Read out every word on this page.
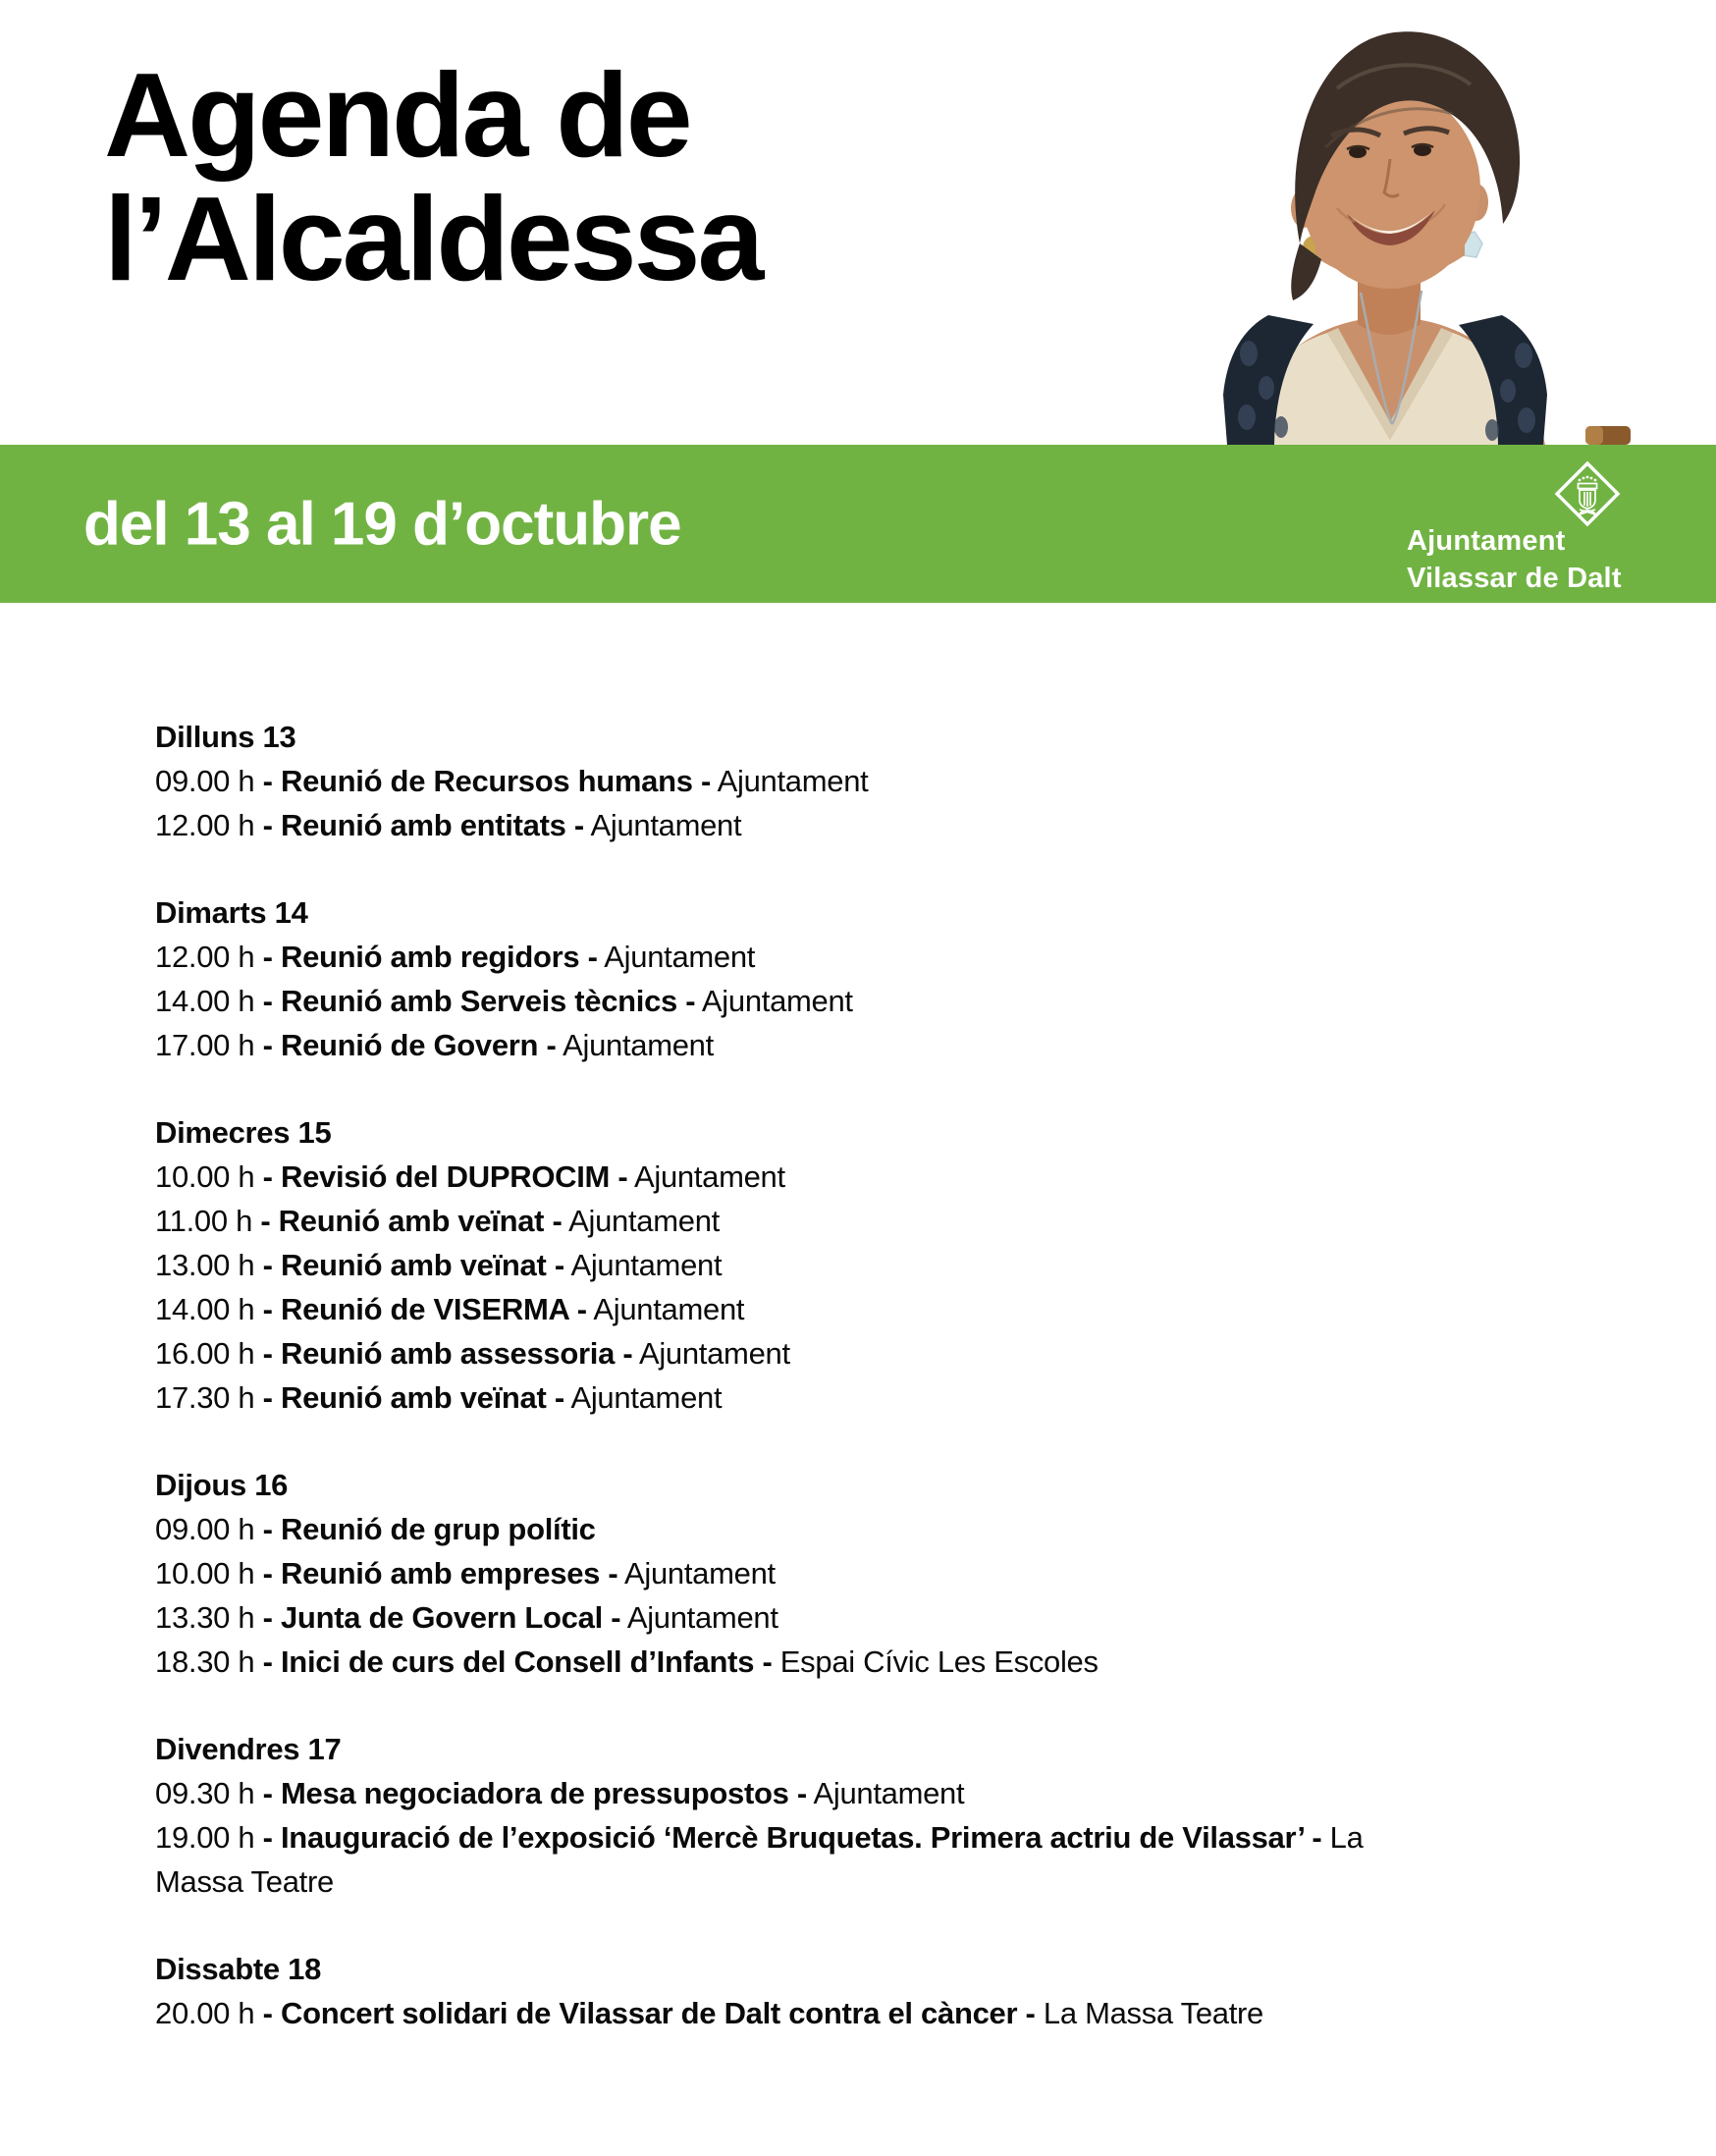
Agenda de
l’Alcaldessa
del 13 al 19 d’octubre	Ajuntament
Vilassar de Dalt
Dilluns 13

09.00 h - Reunió de Recursos humans - Ajuntament

12.00 h - Reunió amb entitats - Ajuntament

Dimarts 14

12.00 h - Reunió amb regidors - Ajuntament

14.00 h - Reunió amb Serveis tècnics - Ajuntament

17.00 h - Reunió de Govern - Ajuntament

Dimecres 15

10.00 h - Revisió del DUPROCIM - Ajuntament

11.00 h - Reunió amb veïnat - Ajuntament

13.00 h - Reunió amb veïnat - Ajuntament

14.00 h - Reunió de VISERMA - Ajuntament

16.00 h - Reunió amb assessoria - Ajuntament

17.30 h - Reunió amb veïnat - Ajuntament

Dijous 16

09.00 h - Reunió de grup polític

10.00 h - Reunió amb empreses - Ajuntament

13.30 h - Junta de Govern Local - Ajuntament

18.30 h - Inici de curs del Consell d’Infants - Espai Cívic Les Escoles

Divendres 17

09.30 h - Mesa negociadora de pressupostos - Ajuntament

19.00 h - Inauguració de l’exposició ‘Mercè Bruquetas. Primera actriu de Vilassar’ - La Massa Teatre

Dissabte 18

20.00 h - Concert solidari de Vilassar de Dalt contra el càncer - La Massa Teatre
